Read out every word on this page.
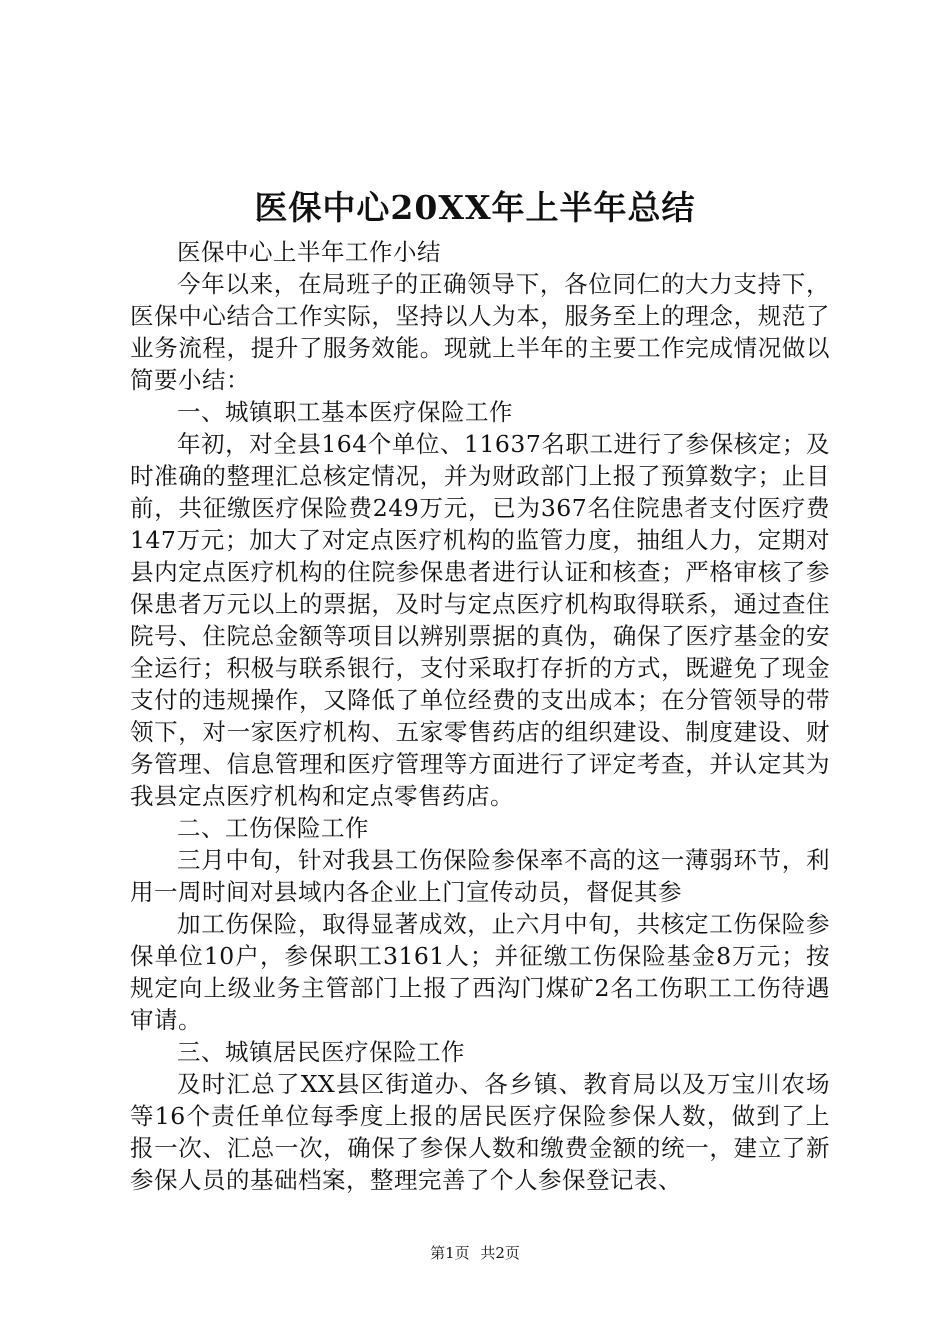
医保中心20XX年上半年总结

医保中心上半年工作小结

今年以来，在局班子的正确领导下，各位同仁的大力支持下，医保中心结合工作实际，坚持以人为本，服务至上的理念，规范了业务流程，提升了服务效能。现就上半年的主要工作完成情况做以简要小结：

一、城镇职工基本医疗保险工作

年初，对全县164个单位、11637名职工进行了参保核定；及时准确的整理汇总核定情况，并为财政部门上报了预算数字；止目前，共征缴医疗保险费249万元，已为367名住院患者支付医疗费147万元；加大了对定点医疗机构的监管力度，抽组人力，定期对县内定点医疗机构的住院参保患者进行认证和核查；严格审核了参保患者万元以上的票据，及时与定点医疗机构取得联系，通过查住院号、住院总金额等项目以辨别票据的真伪，确保了医疗基金的安全运行；积极与联系银行，支付采取打存折的方式，既避免了现金支付的违规操作，又降低了单位经费的支出成本；在分管领导的带领下，对一家医疗机构、五家零售药店的组织建设、制度建设、财务管理、信息管理和医疗管理等方面进行了评定考查，并认定其为我县定点医疗机构和定点零售药店。

二、工伤保险工作

三月中旬，针对我县工伤保险参保率不高的这一薄弱环节，利用一周时间对县域内各企业上门宣传动员，督促其参

加工伤保险，取得显著成效，止六月中旬，共核定工伤保险参保单位10户，参保职工3161人；并征缴工伤保险基金8万元；按规定向上级业务主管部门上报了西沟门煤矿2名工伤职工工伤待遇审请。

三、城镇居民医疗保险工作

及时汇总了XX县区街道办、各乡镇、教育局以及万宝川农场等16个责任单位每季度上报的居民医疗保险参保人数，做到了上报一次、汇总一次，确保了参保人数和缴费金额的统一，建立了新参保人员的基础档案，整理完善了个人参保登记表、

第1页 共2页
